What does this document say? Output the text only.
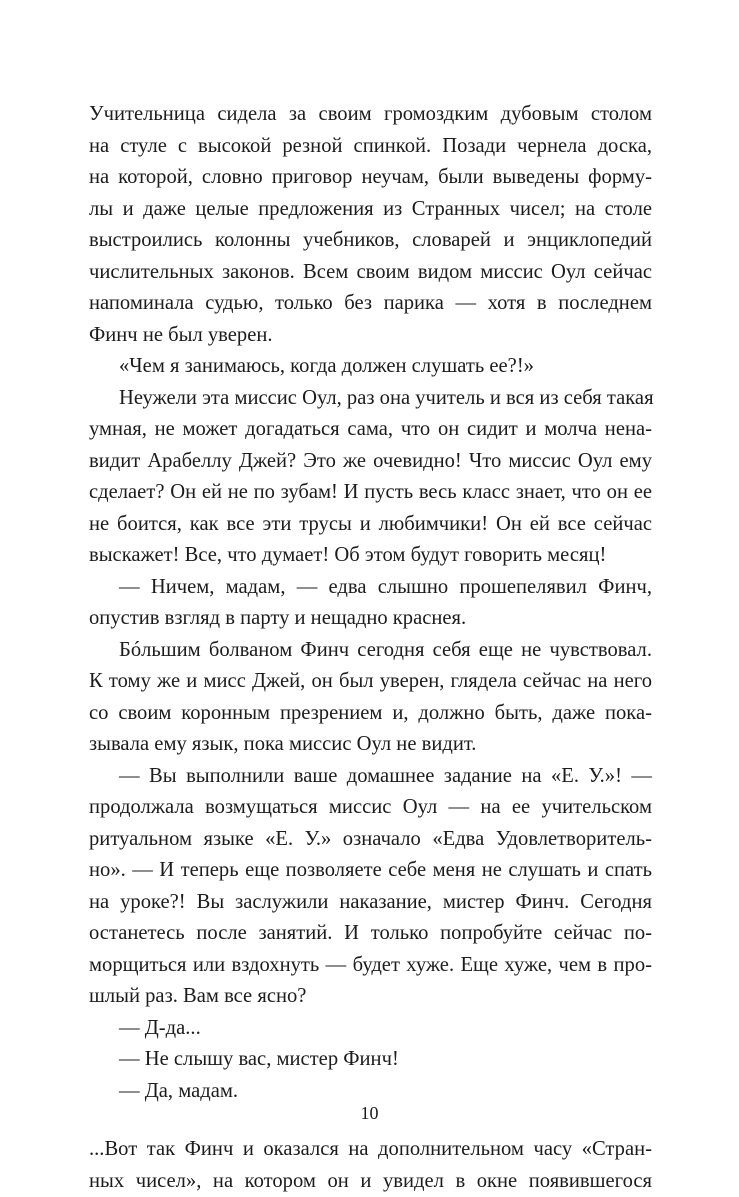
Учительница сидела за своим громоздким дубовым столом
на стуле с высокой резной спинкой. Позади чернела доска,
на которой, словно приговор неучам, были выведены форму-
лы и даже целые предложения из Странных чисел; на столе
выстроились колонны учебников, словарей и энциклопедий
числительных законов. Всем своим видом миссис Оул сейчас
напоминала судью, только без парика — хотя в последнем
Финч не был уверен.
«Чем я занимаюсь, когда должен слушать ее?!»
Неужели эта миссис Оул, раз она учитель и вся из себя такая
умная, не может догадаться сама, что он сидит и молча нена-
видит Арабеллу Джей? Это же очевидно! Что миссис Оул ему
сделает? Он ей не по зубам! И пусть весь класс знает, что он ее
не боится, как все эти трусы и любимчики! Он ей все сейчас
выскажет! Все, что думает! Об этом будут говорить месяц!
— Ничем, мадам, — едва слышно прошепелявил Финч,
опустив взгляд в парту и нещадно краснея.
Бóльшим болваном Финч сегодня себя еще не чувствовал.
К тому же и мисс Джей, он был уверен, глядела сейчас на него
со своим коронным презрением и, должно быть, даже пока-
зывала ему язык, пока миссис Оул не видит.
— Вы выполнили ваше домашнее задание на «Е. У.»! —
продолжала возмущаться миссис Оул — на ее учительском
ритуальном языке «Е. У.» означало «Едва Удовлетворитель-
но». — И теперь еще позволяете себе меня не слушать и спать
на уроке?! Вы заслужили наказание, мистер Финч. Сегодня
останетесь после занятий. И только попробуйте сейчас по-
морщиться или вздохнуть — будет хуже. Еще хуже, чем в про-
шлый раз. Вам все ясно?
— Д-да...
— Не слышу вас, мистер Финч!
— Да, мадам.
...Вот так Финч и оказался на дополнительном часу «Стран-
ных чисел», на котором он и увидел в окне появившегося
10
